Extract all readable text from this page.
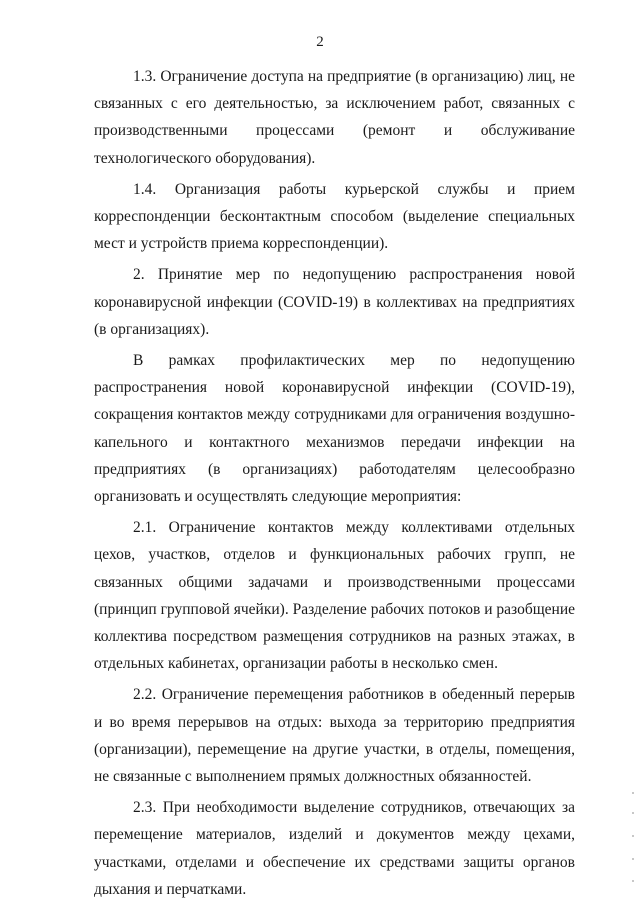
2

1.3. Ограничение доступа на предприятие (в организацию) лиц, не связанных с его деятельностью, за исключением работ, связанных с производственными процессами (ремонт и обслуживание технологического оборудования).

1.4. Организация работы курьерской службы и прием корреспонденции бесконтактным способом (выделение специальных мест и устройств приема корреспонденции).

2. Принятие мер по недопущению распространения новой коронавирусной инфекции (COVID-19) в коллективах на предприятиях (в организациях).

В рамках профилактических мер по недопущению распространения новой коронавирусной инфекции (COVID-19), сокращения контактов между сотрудниками для ограничения воздушно-капельного и контактного механизмов передачи инфекции на предприятиях (в организациях) работодателям целесообразно организовать и осуществлять следующие мероприятия:

2.1. Ограничение контактов между коллективами отдельных цехов, участков, отделов и функциональных рабочих групп, не связанных общими задачами и производственными процессами (принцип групповой ячейки). Разделение рабочих потоков и разобщение коллектива посредством размещения сотрудников на разных этажах, в отдельных кабинетах, организации работы в несколько смен.

2.2. Ограничение перемещения работников в обеденный перерыв и во время перерывов на отдых: выхода за территорию предприятия (организации), перемещение на другие участки, в отделы, помещения, не связанные с выполнением прямых должностных обязанностей.

2.3. При необходимости выделение сотрудников, отвечающих за перемещение материалов, изделий и документов между цехами, участками, отделами и обеспечение их средствами защиты органов дыхания и перчатками.
